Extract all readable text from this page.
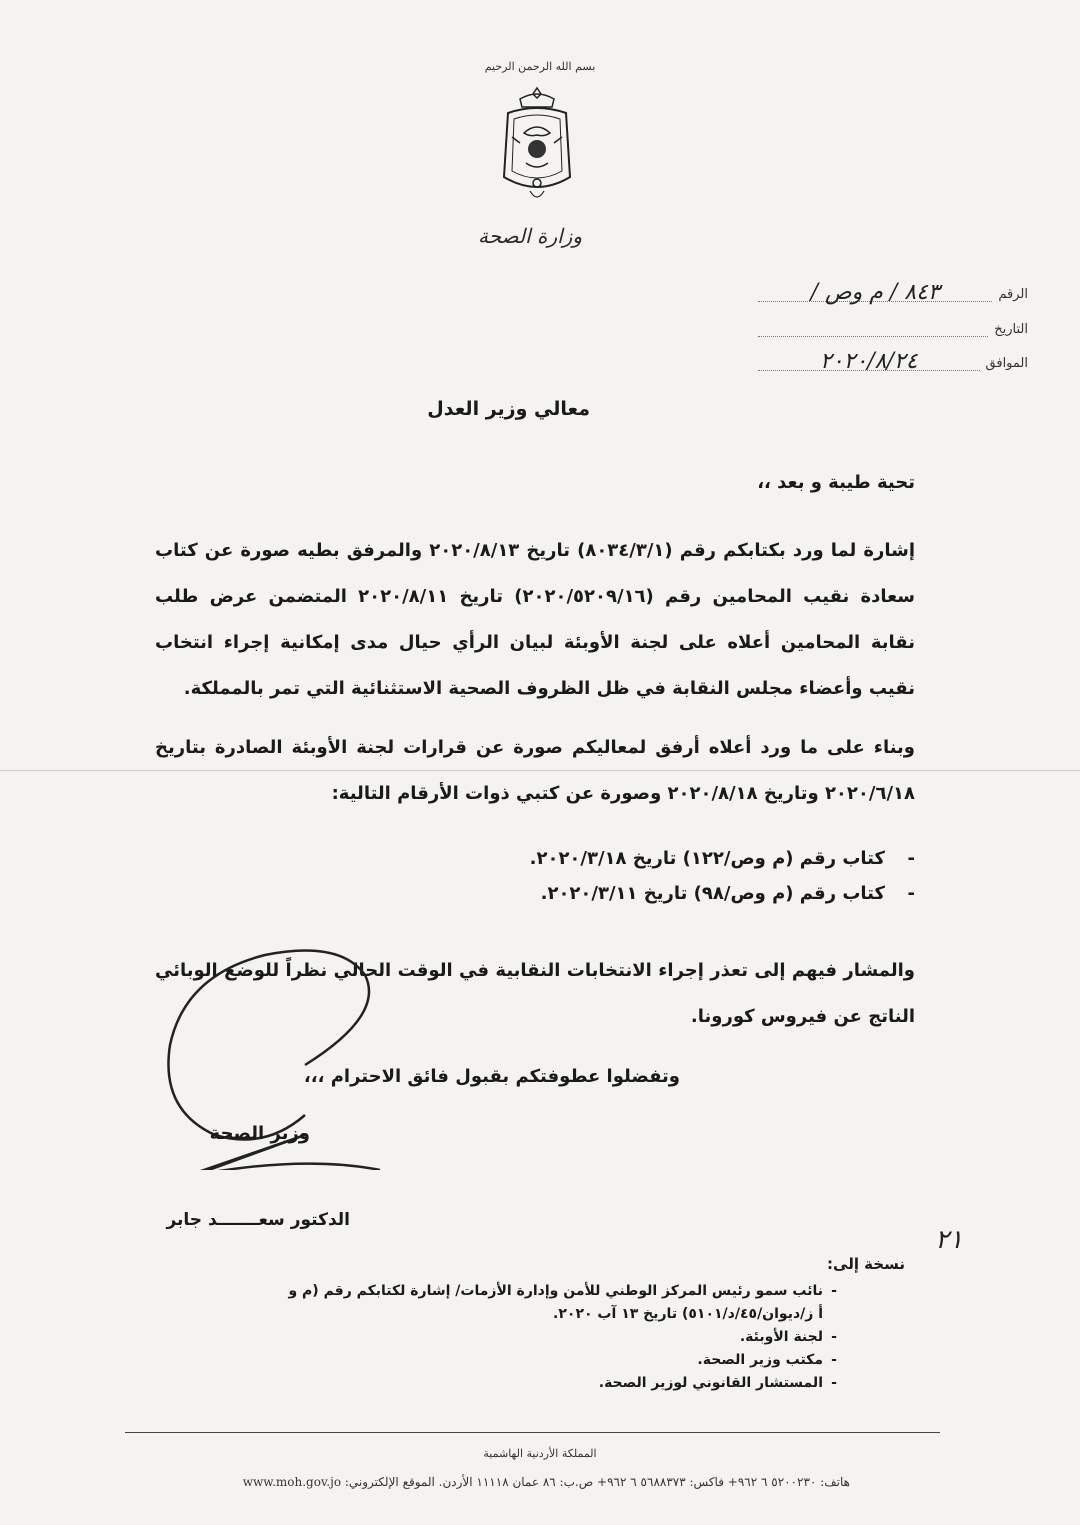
بسم الله الرحمن الرحيم
وزارة الصحة
الرقم
٨٤٣ / م وص /
التاريخ
الموافق
٢٠٢٠/٨/٢٤
معالي وزير العدل
تحية طيبة و بعد ،،
إشارة لما ورد بكتابكم رقم (٨٠٣٤/٣/١) تاريخ ٢٠٢٠/٨/١٣ والمرفق بطيه صورة عن كتاب سعادة نقيب المحامين رقم (٢٠٢٠/٥٢٠٩/١٦) تاريخ ٢٠٢٠/٨/١١ المتضمن عرض طلب نقابة المحامين أعلاه على لجنة الأوبئة لبيان الرأي حيال مدى إمكانية إجراء انتخاب نقيب وأعضاء مجلس النقابة في ظل الظروف الصحية الاستثنائية التي تمر بالمملكة.
وبناء على ما ورد أعلاه أرفق لمعاليكم صورة عن قرارات لجنة الأوبئة الصادرة بتاريخ ٢٠٢٠/٦/١٨ وتاريخ ٢٠٢٠/٨/١٨ وصورة عن كتبي ذوات الأرقام التالية:
-
كتاب رقم (م وص/١٢٢) تاريخ ٢٠٢٠/٣/١٨.
-
كتاب رقم (م وص/٩٨) تاريخ ٢٠٢٠/٣/١١.
والمشار فيهم إلى تعذر إجراء الانتخابات النقابية في الوقت الحالي نظراً للوضع الوبائي الناتج عن فيروس كورونا.
وتفضلوا عطوفتكم بقبول فائق الاحترام ،،،
وزير الصحة
الدكتور سعـــــــد جابر
٢١
نسخة إلى:
-
نائب سمو رئيس المركز الوطني للأمن وإدارة الأزمات/ إشارة لكتابكم رقم (م و أ ز/ديوان/٤٥/د/٥١٠١) تاريخ ١٣ آب ٢٠٢٠.
-
لجنة الأوبئة.
-
مكتب وزير الصحة.
-
المستشار القانوني لوزير الصحة.
المملكة الأردنية الهاشمية
هاتف: ٥٢٠٠٢٣٠ ٦ ٩٦٢+ فاكس: ٥٦٨٨٣٧٣ ٦ ٩٦٢+ ص.ب: ٨٦ عمان ١١١١٨ الأردن. الموقع الإلكتروني: www.moh.gov.jo
